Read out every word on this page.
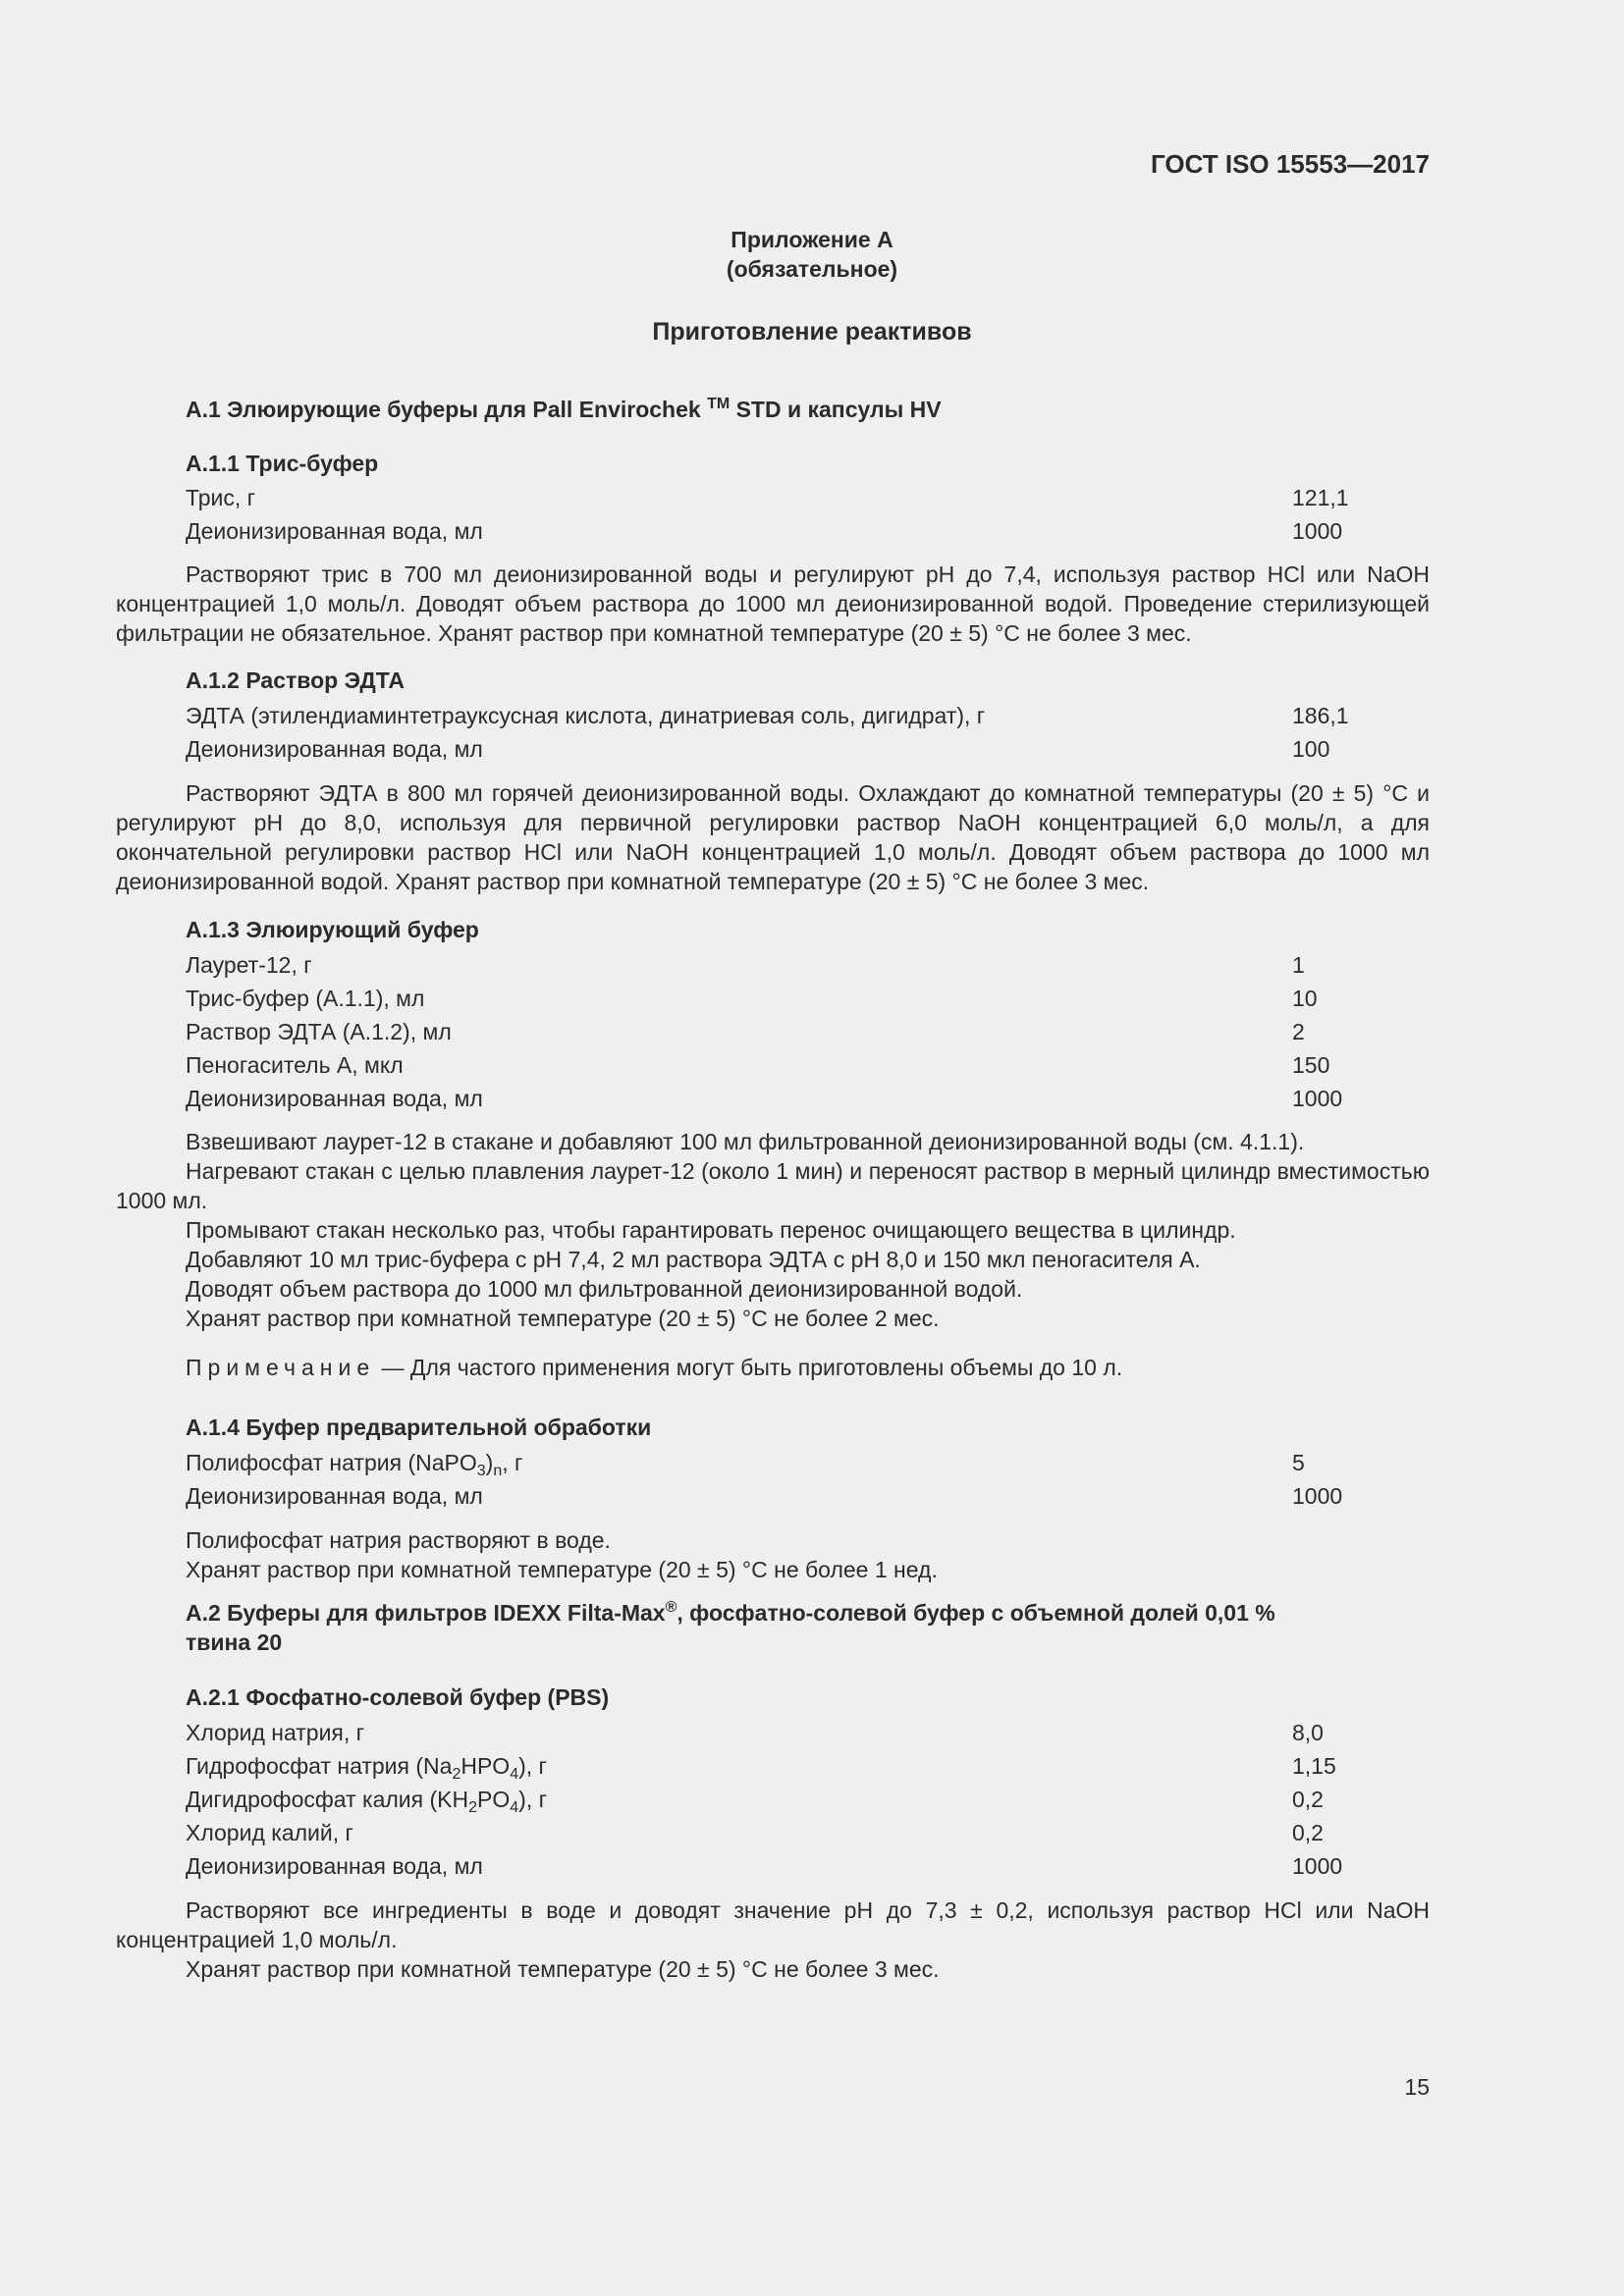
ГОСТ ISO 15553—2017
Приложение А
(обязательное)
Приготовление реактивов
А.1 Элюирующие буферы для Pall Envirochek ™ STD и капсулы HV
А.1.1 Трис-буфер
Трис, г	121,1
Деионизированная вода, мл	1000

Растворяют трис в 700 мл деионизированной воды и регулируют рН до 7,4, используя раствор HCl или NaOH концентрацией 1,0 моль/л. Доводят объем раствора до 1000 мл деионизированной водой. Проведение стерилизующей фильтрации не обязательное. Хранят раствор при комнатной температуре (20 ± 5) °С не более 3 мес.

А.1.2 Раствор ЭДТА
ЭДТА (этилендиаминтетрауксусная кислота, динатриевая соль, дигидрат), г	186,1
Деионизированная вода, мл	100

Растворяют ЭДТА в 800 мл горячей деионизированной воды. Охлаждают до комнатной температуры (20 ± 5) °С и регулируют рН до 8,0, используя для первичной регулировки раствор NaOH концентрацией 6,0 моль/л, а для окончательной регулировки раствор HCl или NaOH концентрацией 1,0 моль/л. Доводят объем раствора до 1000 мл деионизированной водой. Хранят раствор при комнатной температуре (20 ± 5) °С не более 3 мес.

А.1.3 Элюирующий буфер
Лаурет-12, г	1
Трис-буфер (А.1.1), мл	10
Раствор ЭДТА (А.1.2), мл	2
Пеногаситель А, мкл	150
Деионизированная вода, мл	1000

Взвешивают лаурет-12 в стакане и добавляют 100 мл фильтрованной деионизированной воды (см. 4.1.1).

Нагревают стакан с целью плавления лаурет-12 (около 1 мин) и переносят раствор в мерный цилиндр вместимостью 1000 мл.

Промывают стакан несколько раз, чтобы гарантировать перенос очищающего вещества в цилиндр.

Добавляют 10 мл трис-буфера с рН 7,4, 2 мл раствора ЭДТА с рН 8,0 и 150 мкл пеногасителя А.

Доводят объем раствора до 1000 мл фильтрованной деионизированной водой.

Хранят раствор при комнатной температуре (20 ± 5) °С не более 2 мес.

Примечание — Для частого применения могут быть приготовлены объемы до 10 л.
А.1.4 Буфер предварительной обработки
Полифосфат натрия $(NaPO_3)_n$, г	5
Деионизированная вода, мл	1000

Полифосфат натрия растворяют в воде.

Хранят раствор при комнатной температуре (20 ± 5) °С не более 1 нед.

А.2 Буферы для фильтров IDEXX Filta-Max®, фосфатно-солевой буфер с объемной долей 0,01 %
твина 20
А.2.1 Фосфатно-солевой буфер (PBS)
Хлорид натрия, г	8,0
Гидрофосфат натрия $(Na_2HPO_4)$, г	1,15
Дигидрофосфат калия $(KH_2PO_4)$, г	0,2
Хлорид калий, г	0,2
Деионизированная вода, мл	1000

Растворяют все ингредиенты в воде и доводят значение рН до 7,3 ± 0,2, используя раствор HCl или NaOH концентрацией 1,0 моль/л.

Хранят раствор при комнатной температуре (20 ± 5) °С не более 3 мес.

15
